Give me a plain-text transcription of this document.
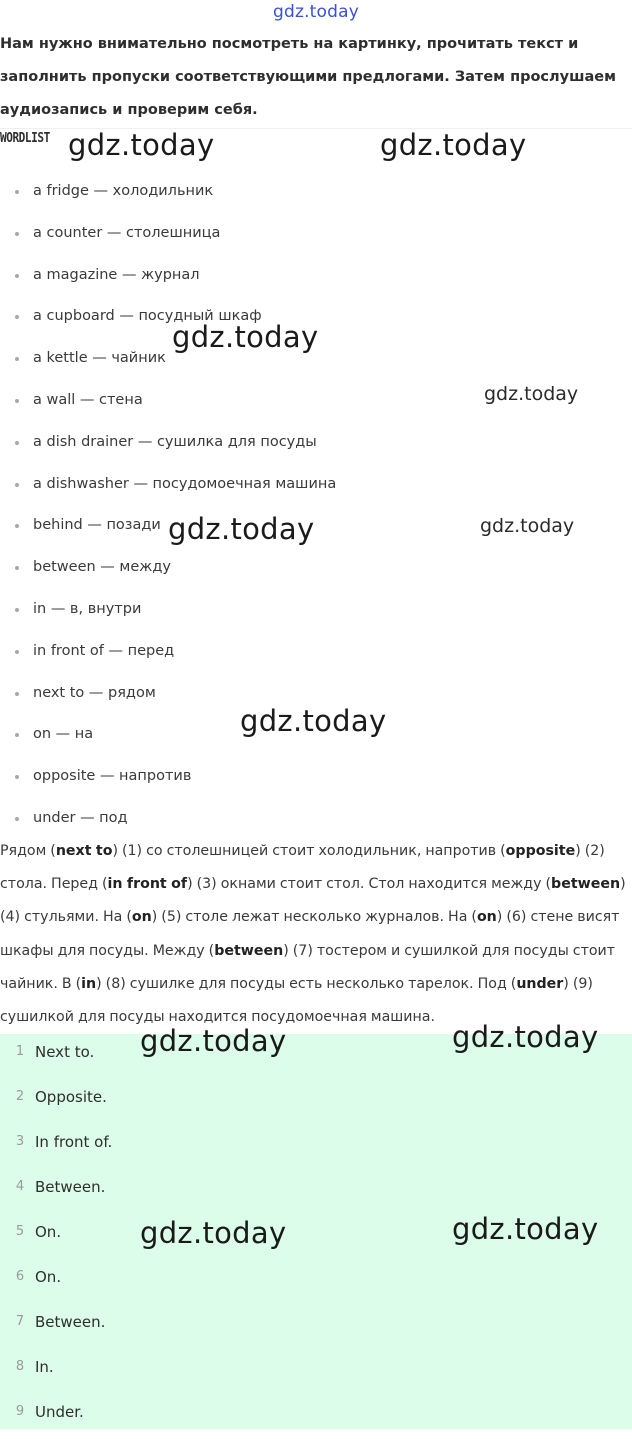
gdz.today
Нам нужно внимательно посмотреть на картинку, прочитать текст и заполнить пропуски соответствующими предлогами. Затем прослушаем аудиозапись и проверим себя.
WORDLIST
a fridge — холодильник
a counter — столешница
a magazine — журнал
a cupboard — посудный шкаф
a kettle — чайник
a wall — стена
a dish drainer — сушилка для посуды
a dishwasher — посудомоечная машина
behind — позади
between — между
in — в, внутри
in front of — перед
next to — рядом
on — на
opposite — напротив
under — под
Рядом (next to) (1) со столешницей стоит холодильник, напротив (opposite) (2) стола. Перед (in front of) (3) окнами стоит стол. Стол находится между (between) (4) стульями. На (on) (5) столе лежат несколько журналов. На (on) (6) стене висят шкафы для посуды. Между (between) (7) тостером и сушилкой для посуды стоит чайник. В (in) (8) сушилке для посуды есть несколько тарелок. Под (under) (9) сушилкой для посуды находится посудомоечная машина.
1 Next to.
2 Opposite.
3 In front of.
4 Between.
5 On.
6 On.
7 Between.
8 In.
9 Under.
gdz.today	gdz.today
gdz.today
gdz.today
gdz.today	gdz.today
gdz.today
gdz.today	gdz.today
gdz.today	gdz.today
